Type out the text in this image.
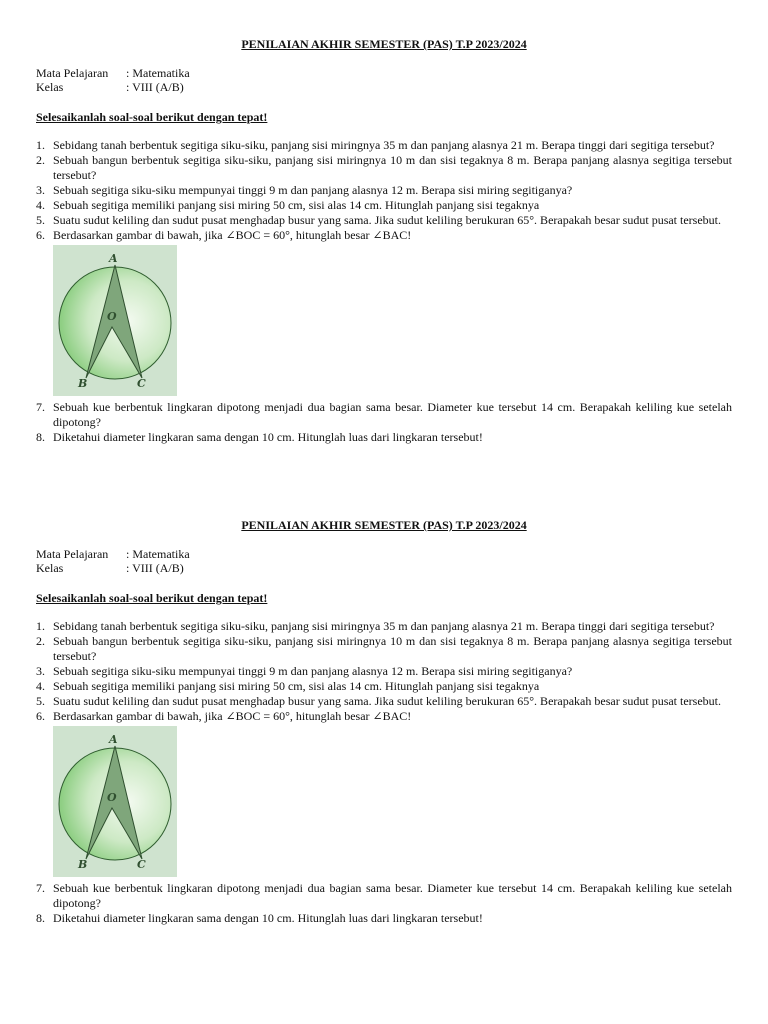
PENILAIAN AKHIR SEMESTER (PAS) T.P 2023/2024
Mata Pelajaran	: Matematika
Kelas	: VIII (A/B)
Selesaikanlah soal-soal berikut dengan tepat!
1. Sebidang tanah berbentuk segitiga siku-siku, panjang sisi miringnya 35 m dan panjang alasnya 21 m. Berapa tinggi dari segitiga tersebut?
2. Sebuah bangun berbentuk segitiga siku-siku, panjang sisi miringnya 10 m dan sisi tegaknya 8 m. Berapa panjang alasnya segitiga tersebut tersebut?
3. Sebuah segitiga siku-siku mempunyai tinggi 9 m dan panjang alasnya 12 m. Berapa sisi miring segitiganya?
4. Sebuah segitiga memiliki panjang sisi miring 50 cm, sisi alas 14 cm. Hitunglah panjang sisi tegaknya
5. Suatu sudut keliling dan sudut pusat menghadap busur yang sama. Jika sudut keliling berukuran 65°. Berapakah besar sudut pusat tersebut.
6. Berdasarkan gambar di bawah, jika ∠BOC = 60°, hitunglah besar ∠BAC!
A
O
B	C
7. Sebuah kue berbentuk lingkaran dipotong menjadi dua bagian sama besar. Diameter kue tersebut 14 cm. Berapakah keliling kue setelah dipotong?
8. Diketahui diameter lingkaran sama dengan 10 cm. Hitunglah luas dari lingkaran tersebut!
PENILAIAN AKHIR SEMESTER (PAS) T.P 2023/2024
Mata Pelajaran	: Matematika
Kelas	: VIII (A/B)
Selesaikanlah soal-soal berikut dengan tepat!
1. Sebidang tanah berbentuk segitiga siku-siku, panjang sisi miringnya 35 m dan panjang alasnya 21 m. Berapa tinggi dari segitiga tersebut?
2. Sebuah bangun berbentuk segitiga siku-siku, panjang sisi miringnya 10 m dan sisi tegaknya 8 m. Berapa panjang alasnya segitiga tersebut tersebut?
3. Sebuah segitiga siku-siku mempunyai tinggi 9 m dan panjang alasnya 12 m. Berapa sisi miring segitiganya?
4. Sebuah segitiga memiliki panjang sisi miring 50 cm, sisi alas 14 cm. Hitunglah panjang sisi tegaknya
5. Suatu sudut keliling dan sudut pusat menghadap busur yang sama. Jika sudut keliling berukuran 65°. Berapakah besar sudut pusat tersebut.
6. Berdasarkan gambar di bawah, jika ∠BOC = 60°, hitunglah besar ∠BAC!
A
O
B	C
7. Sebuah kue berbentuk lingkaran dipotong menjadi dua bagian sama besar. Diameter kue tersebut 14 cm. Berapakah keliling kue setelah dipotong?
8. Diketahui diameter lingkaran sama dengan 10 cm. Hitunglah luas dari lingkaran tersebut!
